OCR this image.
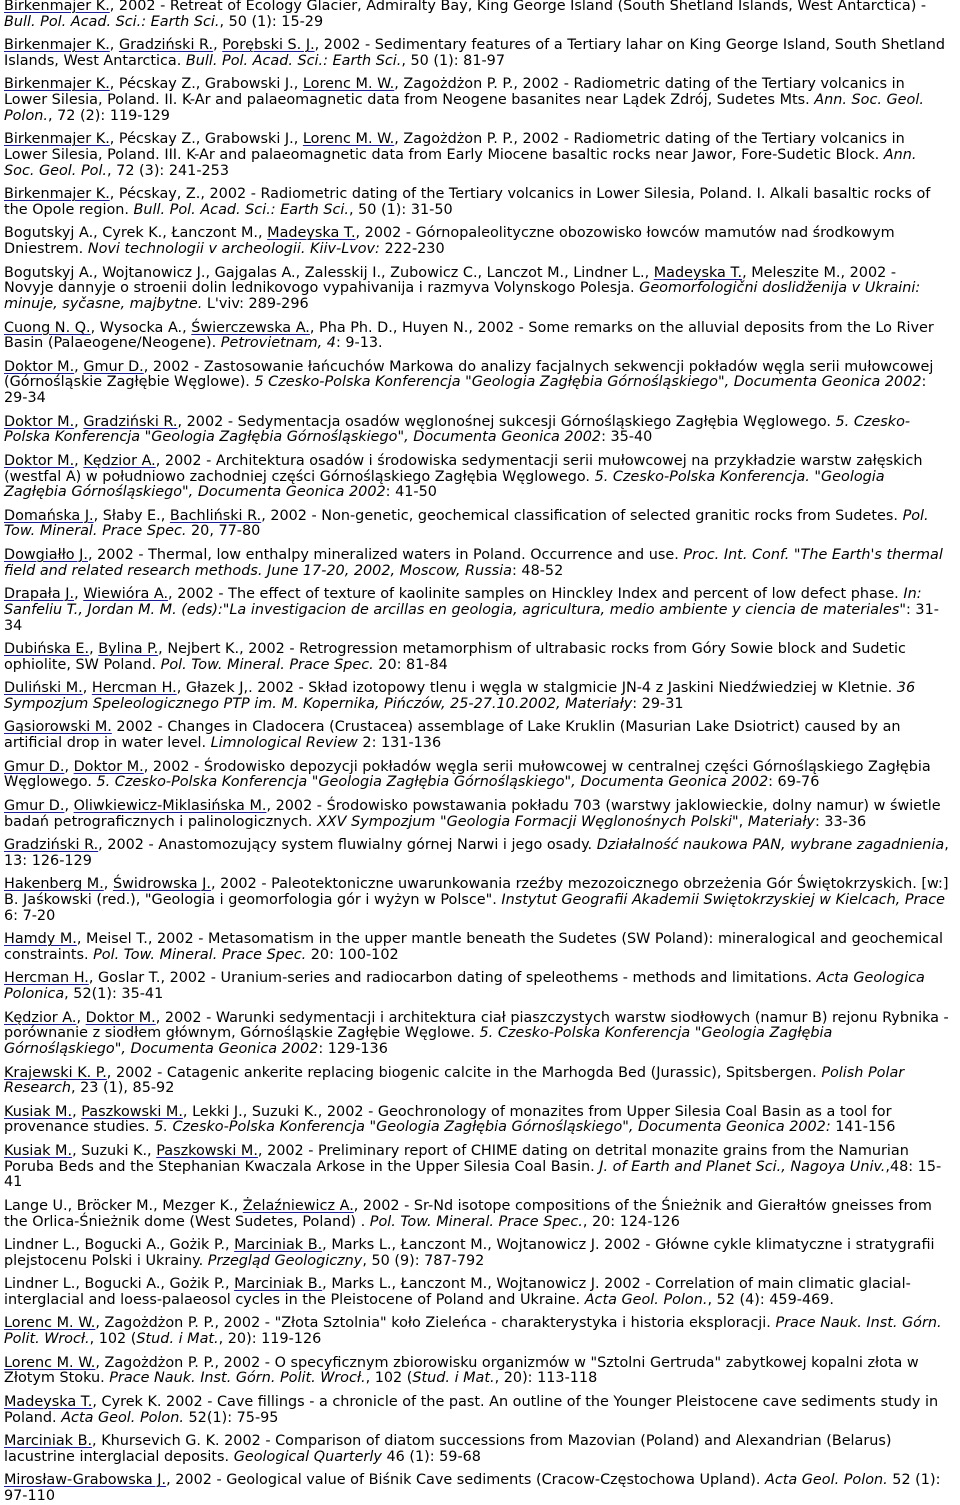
Birkenmajer K., 2002 - Retreat of Ecology Glacier, Admiralty Bay, King George Island (South Shetland Islands, West Antarctica) - Bull. Pol. Acad. Sci.: Earth Sci., 50 (1): 15-29

Birkenmajer K., Gradziński R., Porębski S. J., 2002 - Sedimentary features of a Tertiary lahar on King George Island, South Shetland Islands, West Antarctica. Bull. Pol. Acad. Sci.: Earth Sci., 50 (1): 81-97

Birkenmajer K., Pécskay Z., Grabowski J., Lorenc M. W., Zagożdżon P. P., 2002 - Radiometric dating of the Tertiary volcanics in Lower Silesia, Poland. II. K-Ar and palaeomagnetic data from Neogene basanites near Lądek Zdrój, Sudetes Mts. Ann. Soc. Geol. Polon., 72 (2): 119-129

Birkenmajer K., Pécskay Z., Grabowski J., Lorenc M. W., Zagożdżon P. P., 2002 - Radiometric dating of the Tertiary volcanics in Lower Silesia, Poland. III. K-Ar and palaeomagnetic data from Early Miocene basaltic rocks near Jawor, Fore-Sudetic Block. Ann. Soc. Geol. Pol., 72 (3): 241-253

Birkenmajer K., Pécskay, Z., 2002 - Radiometric dating of the Tertiary volcanics in Lower Silesia, Poland. I. Alkali basaltic rocks of the Opole region. Bull. Pol. Acad. Sci.: Earth Sci., 50 (1): 31-50

Bogutskyj A., Cyrek K., Łanczont M., Madeyska T., 2002 - Górnopaleolityczne obozowisko łowców mamutów nad środkowym Dniestrem. Novi technologii v archeologii. Kiiv-Lvov: 222-230

Bogutskyj A., Wojtanowicz J., Gajgalas A., Zalesskij I., Zubowicz C., Lanczot M., Lindner L., Madeyska T., Meleszite M., 2002 - Novyje dannyje o stroenii dolin lednikovogo vypahivanija i razmyva Volynskogo Polesja. Geomorfologični doslidženija v Ukraini: minuje, syčasne, majbytne. L'viv: 289-296

Cuong N. Q., Wysocka A., Świerczewska A., Pha Ph. D., Huyen N., 2002 - Some remarks on the alluvial deposits from the Lo River Basin (Palaeogene/Neogene). Petrovietnam, 4: 9-13.

Doktor M., Gmur D., 2002 - Zastosowanie łańcuchów Markowa do analizy facjalnych sekwencji pokładów węgla serii mułowcowej (Górnośląskie Zagłębie Węglowe). 5 Czesko-Polska Konferencja "Geologia Zagłębia Górnośląskiego", Documenta Geonica 2002: 29-34

Doktor M., Gradziński R., 2002 - Sedymentacja osadów węglonośnej sukcesji Górnośląskiego Zagłębia Węglowego. 5. Czesko-Polska Konferencja "Geologia Zagłębia Górnośląskiego", Documenta Geonica 2002: 35-40

Doktor M., Kędzior A., 2002 - Architektura osadów i środowiska sedymentacji serii mułowcowej na przykładzie warstw załęskich (westfal A) w południowo zachodniej części Górnośląskiego Zagłębia Węglowego. 5. Czesko-Polska Konferencja. "Geologia Zagłębia Górnośląskiego", Documenta Geonica 2002: 41-50

Domańska J., Słaby E., Bachliński R., 2002 - Non-genetic, geochemical classification of selected granitic rocks from Sudetes. Pol. Tow. Mineral. Prace Spec. 20, 77-80

Dowgiałło J., 2002 - Thermal, low enthalpy mineralized waters in Poland. Occurrence and use. Proc. Int. Conf. "The Earth's thermal field and related research methods. June 17-20, 2002, Moscow, Russia: 48-52

Drapała J., Wiewióra A., 2002 - The effect of texture of kaolinite samples on Hinckley Index and percent of low defect phase. In: Sanfeliu T., Jordan M. M. (eds):"La investigacion de arcillas en geologia, agricultura, medio ambiente y ciencia de materiales": 31-34

Dubińska E., Bylina P., Nejbert K., 2002 - Retrogression metamorphism of ultrabasic rocks from Góry Sowie block and Sudetic ophiolite, SW Poland. Pol. Tow. Mineral. Prace Spec. 20: 81-84

Duliński M., Hercman H., Głazek J,. 2002 - Skład izotopowy tlenu i węgla w stalgmicie JN-4 z Jaskini Niedźwiedziej w Kletnie. 36 Sympozjum Speleologicznego PTP im. M. Kopernika, Pińczów, 25-27.10.2002, Materiały: 29-31

Gąsiorowski M. 2002 - Changes in Cladocera (Crustacea) assemblage of Lake Kruklin (Masurian Lake Dsiotrict) caused by an artificial drop in water level. Limnological Review 2: 131-136

Gmur D., Doktor M., 2002 - Środowisko depozycji pokładów węgla serii mułowcowej w centralnej części Górnośląskiego Zagłębia Węglowego. 5. Czesko-Polska Konferencja "Geologia Zagłębia Górnośląskiego", Documenta Geonica 2002: 69-76

Gmur D., Oliwkiewicz-Miklasińska M., 2002 - Środowisko powstawania pokładu 703 (warstwy jaklowieckie, dolny namur) w świetle badań petrograficznych i palinologicznych. XXV Sympozjum "Geologia Formacji Węglonośnych Polski", Materiały: 33-36

Gradziński R., 2002 - Anastomozujący system fluwialny górnej Narwi i jego osady. Działalność naukowa PAN, wybrane zagadnienia, 13: 126-129

Hakenberg M., Świdrowska J., 2002 - Paleotektoniczne uwarunkowania rzeźby mezozoicznego obrzeżenia Gór Świętokrzyskich. [w:] B. Jaśkowski (red.), "Geologia i geomorfologia gór i wyżyn w Polsce". Instytut Geografii Akademii Swiętokrzyskiej w Kielcach, Prace 6: 7-20

Hamdy M., Meisel T., 2002 - Metasomatism in the upper mantle beneath the Sudetes (SW Poland): mineralogical and geochemical constraints. Pol. Tow. Mineral. Prace Spec. 20: 100-102

Hercman H., Goslar T., 2002 - Uranium-series and radiocarbon dating of speleothems - methods and limitations. Acta Geologica Polonica, 52(1): 35-41

Kędzior A., Doktor M., 2002 - Warunki sedymentacji i architektura ciał piaszczystych warstw siodłowych (namur B) rejonu Rybnika - porównanie z siodłem głównym, Górnośląskie Zagłębie Węglowe. 5. Czesko-Polska Konferencja "Geologia Zagłębia Górnośląskiego", Documenta Geonica 2002: 129-136

Krajewski K. P., 2002 - Catagenic ankerite replacing biogenic calcite in the Marhogda Bed (Jurassic), Spitsbergen. Polish Polar Research, 23 (1), 85-92

Kusiak M., Paszkowski M., Lekki J., Suzuki K., 2002 - Geochronology of monazites from Upper Silesia Coal Basin as a tool for provenance studies. 5. Czesko-Polska Konferencja "Geologia Zagłębia Górnośląskiego", Documenta Geonica 2002: 141-156

Kusiak M., Suzuki K., Paszkowski M., 2002 - Preliminary report of CHIME dating on detrital monazite grains from the Namurian Poruba Beds and the Stephanian Kwaczala Arkose in the Upper Silesia Coal Basin. J. of Earth and Planet Sci., Nagoya Univ.,48: 15-41

Lange U., Bröcker M., Mezger K., Żelaźniewicz A., 2002 - Sr-Nd isotope compositions of the Śnieżnik and Gierałtów gneisses from the Orlica-Śnieżnik dome (West Sudetes, Poland) . Pol. Tow. Mineral. Prace Spec., 20: 124-126

Lindner L., Bogucki A., Gożik P., Marciniak B., Marks L., Łanczont M., Wojtanowicz J. 2002 - Główne cykle klimatyczne i stratygrafii plejstocenu Polski i Ukrainy. Przegląd Geologiczny, 50 (9): 787-792

Lindner L., Bogucki A., Gożik P., Marciniak B., Marks L., Łanczont M., Wojtanowicz J. 2002 - Correlation of main climatic glacial-interglacial and loess-palaeosol cycles in the Pleistocene of Poland and Ukraine. Acta Geol. Polon., 52 (4): 459-469.

Lorenc M. W., Zagożdżon P. P., 2002 - "Złota Sztolnia" koło Zieleńca - charakterystyka i historia eksploracji. Prace Nauk. Inst. Górn. Polit. Wrocł., 102 (Stud. i Mat., 20): 119-126

Lorenc M. W., Zagożdżon P. P., 2002 - O specyficznym zbiorowisku organizmów w "Sztolni Gertruda" zabytkowej kopalni złota w Złotym Stoku. Prace Nauk. Inst. Górn. Polit. Wrocł., 102 (Stud. i Mat., 20): 113-118

Madeyska T., Cyrek K. 2002 - Cave fillings - a chronicle of the past. An outline of the Younger Pleistocene cave sediments study in Poland. Acta Geol. Polon. 52(1): 75-95

Marciniak B., Khursevich G. K. 2002 - Comparison of diatom successions from Mazovian (Poland) and Alexandrian (Belarus) lacustrine interglacial deposits. Geological Quarterly 46 (1): 59-68

Mirosław-Grabowska J., 2002 - Geological value of Biśnik Cave sediments (Cracow-Częstochowa Upland). Acta Geol. Polon. 52 (1): 97-110
